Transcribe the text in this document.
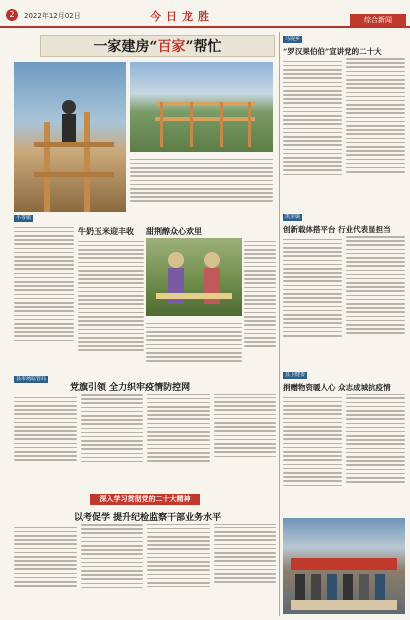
2	2022年12月02日	今日龙胜	综合新闻
一家建房“百家”帮忙
平等镇
县市场监管局
牛奶玉米迎丰收 甜荆醇众心欢里
党旗引领 全力织牢疫情防控网
深入学习贯彻党的二十大精神
以考促学 提升纪检监察干部业务水平
马堤乡
“罗汉果伯伯”宣讲党的二十大
凯里镇
创新载体搭平台 行业代表显担当
县卫健委
捐赠物资暖人心 众志成城抗疫情
